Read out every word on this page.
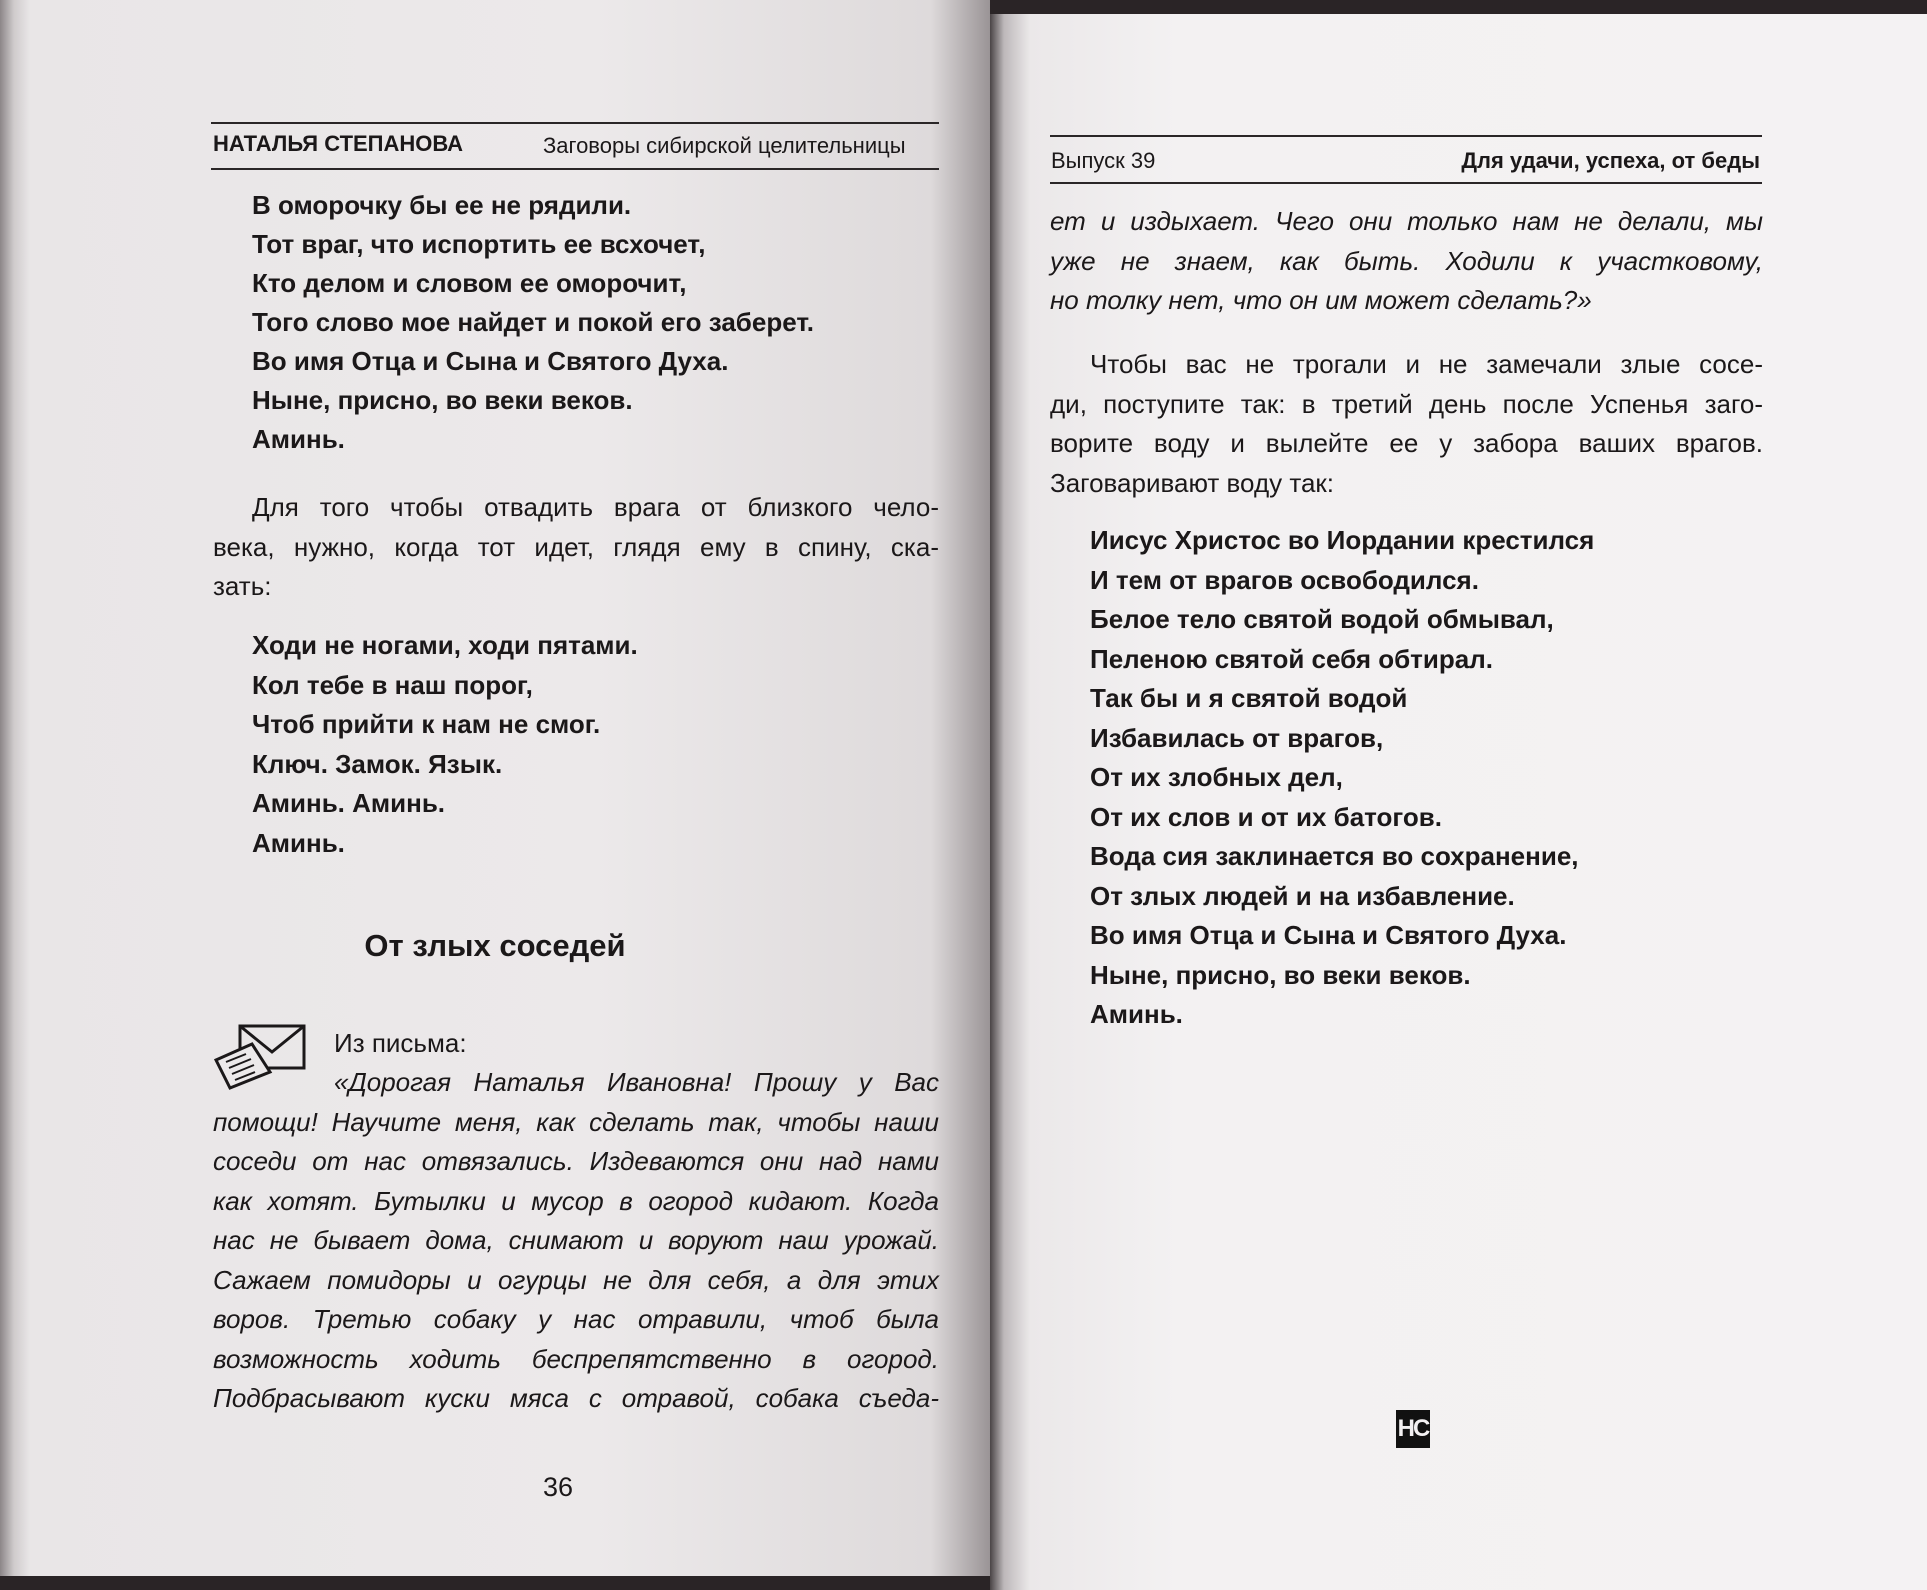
НАТАЛЬЯ СТЕПАНОВА	Заговоры сибирской целительницы
В оморочку бы ее не рядили.
Тот враг, что испортить ее всхочет,
Кто делом и словом ее оморочит,
Того слово мое найдет и покой его заберет.
Во имя Отца и Сына и Святого Духа.
Ныне, присно, во веки веков.
Аминь.
Для того чтобы отвадить врага от близкого чело-
века, нужно, когда тот идет, глядя ему в спину, ска-
зать:
Ходи не ногами, ходи пятами.
Кол тебе в наш порог,
Чтоб прийти к нам не смог.
Ключ. Замок. Язык.
Аминь. Аминь.
Аминь.
От злых соседей
Из письма:
«Дорогая Наталья Ивановна! Прошу у Вас
помощи! Научите меня, как сделать так, чтобы наши
соседи от нас отвязались. Издеваются они над нами
как хотят. Бутылки и мусор в огород кидают. Когда
нас не бывает дома, снимают и воруют наш урожай.
Сажаем помидоры и огурцы не для себя, а для этих
воров. Третью собаку у нас отравили, чтоб была
возможность ходить беспрепятственно в огород.
Подбрасывают куски мяса с отравой, собака съеда-
36
Выпуск 39	Для удачи, успеха, от беды
ет и издыхает. Чего они только нам не делали, мы
уже не знаем, как быть. Ходили к участковому,
но толку нет, что он им может сделать?»
Чтобы вас не трогали и не замечали злые сосе-
ди, поступите так: в третий день после Успенья заго-
ворите воду и вылейте ее у забора ваших врагов.
Заговаривают воду так:
Иисус Христос во Иордании крестился
И тем от врагов освободился.
Белое тело святой водой обмывал,
Пеленою святой себя обтирал.
Так бы и я святой водой
Избавилась от врагов,
От их злобных дел,
От их слов и от их батогов.
Вода сия заклинается во сохранение,
От злых людей и на избавление.
Во имя Отца и Сына и Святого Духа.
Ныне, присно, во веки веков.
Аминь.
НС
